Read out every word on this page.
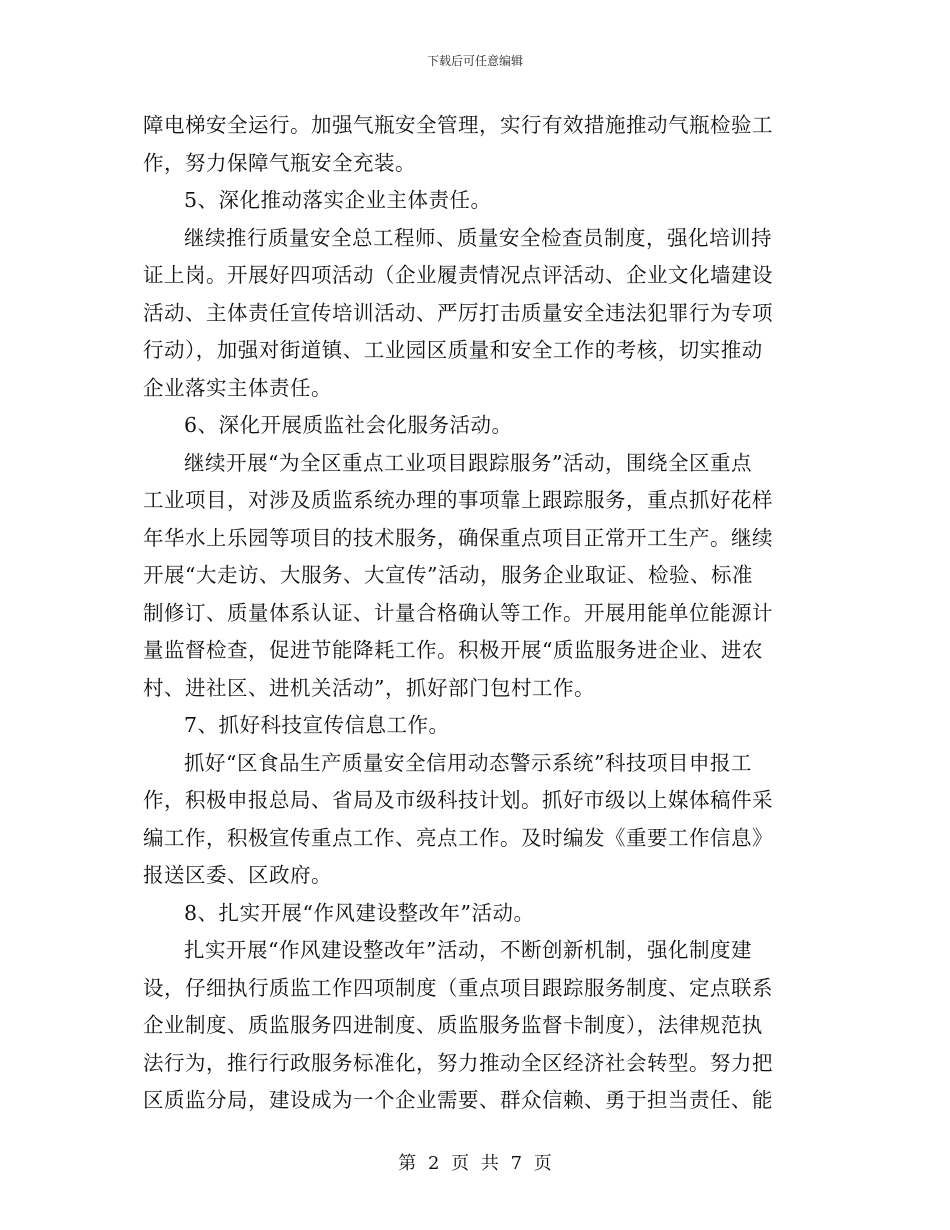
下载后可任意编辑
障电梯安全运行。加强气瓶安全管理，实行有效措施推动气瓶检验工
作，努力保障气瓶安全充装。
5、深化推动落实企业主体责任。
继续推行质量安全总工程师、质量安全检查员制度，强化培训持
证上岗。开展好四项活动（企业履责情况点评活动、企业文化墙建设
活动、主体责任宣传培训活动、严厉打击质量安全违法犯罪行为专项
行动），加强对街道镇、工业园区质量和安全工作的考核，切实推动
企业落实主体责任。
6、深化开展质监社会化服务活动。
继续开展“为全区重点工业项目跟踪服务”活动，围绕全区重点
工业项目，对涉及质监系统办理的事项靠上跟踪服务，重点抓好花样
年华水上乐园等项目的技术服务，确保重点项目正常开工生产。继续
开展“大走访、大服务、大宣传”活动，服务企业取证、检验、标准
制修订、质量体系认证、计量合格确认等工作。开展用能单位能源计
量监督检查，促进节能降耗工作。积极开展“质监服务进企业、进农
村、进社区、进机关活动”，抓好部门包村工作。
7、抓好科技宣传信息工作。
抓好“区食品生产质量安全信用动态警示系统”科技项目申报工
作，积极申报总局、省局及市级科技计划。抓好市级以上媒体稿件采
编工作，积极宣传重点工作、亮点工作。及时编发《重要工作信息》
报送区委、区政府。
8、扎实开展“作风建设整改年”活动。
扎实开展“作风建设整改年”活动，不断创新机制，强化制度建
设，仔细执行质监工作四项制度（重点项目跟踪服务制度、定点联系
企业制度、质监服务四进制度、质监服务监督卡制度），法律规范执
法行为，推行行政服务标准化，努力推动全区经济社会转型。努力把
区质监分局，建设成为一个企业需要、群众信赖、勇于担当责任、能
第 2 页 共 7 页
